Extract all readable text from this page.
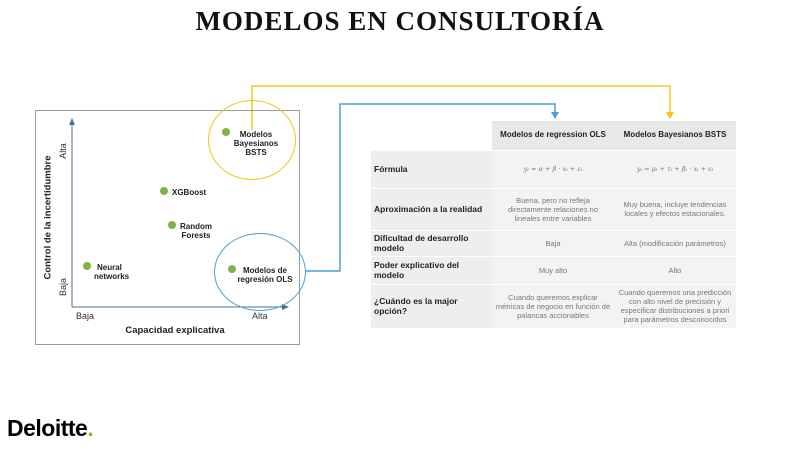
MODELOS EN CONSULTORÍA
Control de la incertidumbre
Alta
Baja
Baja	Alta
Capacidad explicativa
Modelos
Bayesianos
BSTS
XGBoost
Random
Forests
Neural
networks
Modelos de
regresión OLS
	Modelos de regression OLS	Modelos Bayesianos BSTS
Fórmula	yₜ = α + β · xₜ + εₜ	yₜ = μₜ + τₜ + β̃ₜ · xₜ + εₜ
Aproximación a la realidad	Buena, pero no refleja directamente relaciones no lineales entre variables	Muy buena, incluye tendencias locales y efectos estacionales.
Dificultad de desarrollo modelo	Baja	Alta (modificación parámetros)
Poder explicativo del modelo	Muy alto	Alto
¿Cuándo es la major opción?	Cuando queremos explicar métricas de negocio en función de palancas accionables	Cuando queremos una predicción con alto nivel de precisión y especificar distribuciones a priori para parámetros desconocidos
Deloitte.
